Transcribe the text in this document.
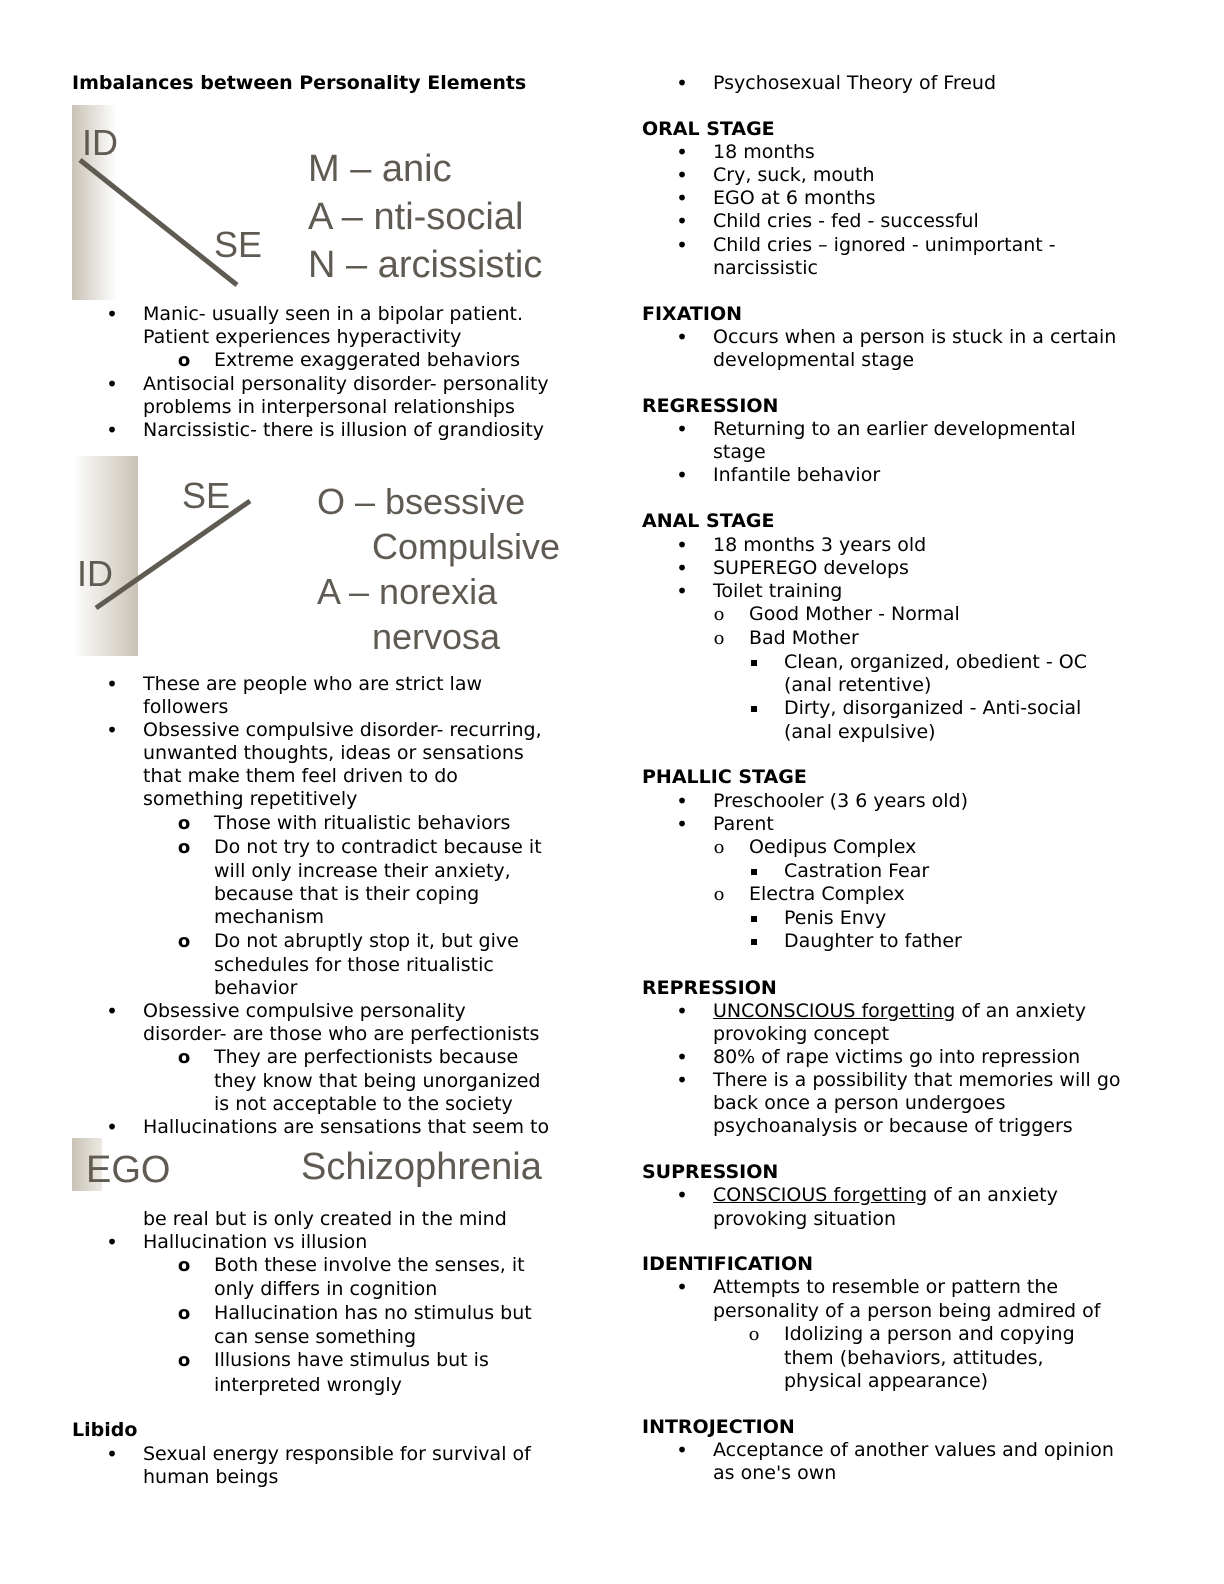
Imbalances between Personality Elements
ID
SE
M – anic
A – nti-social
N – arcissistic
•
Manic- usually seen in a bipolar patient.
Patient experiences hyperactivity
o Extreme exaggerated behaviors
•
Antisocial personality disorder- personality
problems in interpersonal relationships
•
Narcissistic- there is illusion of grandiosity
SE
ID
O – bsessive
Compulsive
A – norexia
nervosa
•
These are people who are strict law
followers
•
Obsessive compulsive disorder- recurring,
unwanted thoughts, ideas or sensations
that make them feel driven to do
something repetitively
o Those with ritualistic behaviors
o Do not try to contradict because it
will only increase their anxiety,
because that is their coping
mechanism
o Do not abruptly stop it, but give
schedules for those ritualistic
behavior
•
Obsessive compulsive personality
disorder- are those who are perfectionists
o They are perfectionists because
they know that being unorganized
is not acceptable to the society
•
Hallucinations are sensations that seem to
EGO	Schizophrenia
be real but is only created in the mind
•
Hallucination vs illusion
o Both these involve the senses, it
only differs in cognition
o Hallucination has no stimulus but
can sense something
o Illusions have stimulus but is
interpreted wrongly
Libido
•
Sexual energy responsible for survival of
human beings
•
Psychosexual Theory of Freud
ORAL STAGE
•
18 months
•
Cry, suck, mouth
•
EGO at 6 months
•
Child cries - fed - successful
•
Child cries – ignored - unimportant -
narcissistic
FIXATION
•
Occurs when a person is stuck in a certain
developmental stage
REGRESSION
•
Returning to an earlier developmental
stage
•
Infantile behavior
ANAL STAGE
•
18 months 3 years old
•
SUPEREGO develops
•
Toilet training
o Good Mother - Normal
o Bad Mother
Clean, organized, obedient - OC
(anal retentive)
Dirty, disorganized - Anti-social
(anal expulsive)
PHALLIC STAGE
•
Preschooler (3 6 years old)
•
Parent
o Oedipus Complex
Castration Fear
o Electra Complex
Penis Envy
Daughter to father
REPRESSION
•
UNCONSCIOUS forgetting of an anxiety
provoking concept
•
80% of rape victims go into repression
•
There is a possibility that memories will go
back once a person undergoes
psychoanalysis or because of triggers
SUPRESSION
•
CONSCIOUS forgetting of an anxiety
provoking situation
IDENTIFICATION
•
Attempts to resemble or pattern the
personality of a person being admired of
o Idolizing a person and copying
them (behaviors, attitudes,
physical appearance)
INTROJECTION
•
Acceptance of another values and opinion
as one's own
